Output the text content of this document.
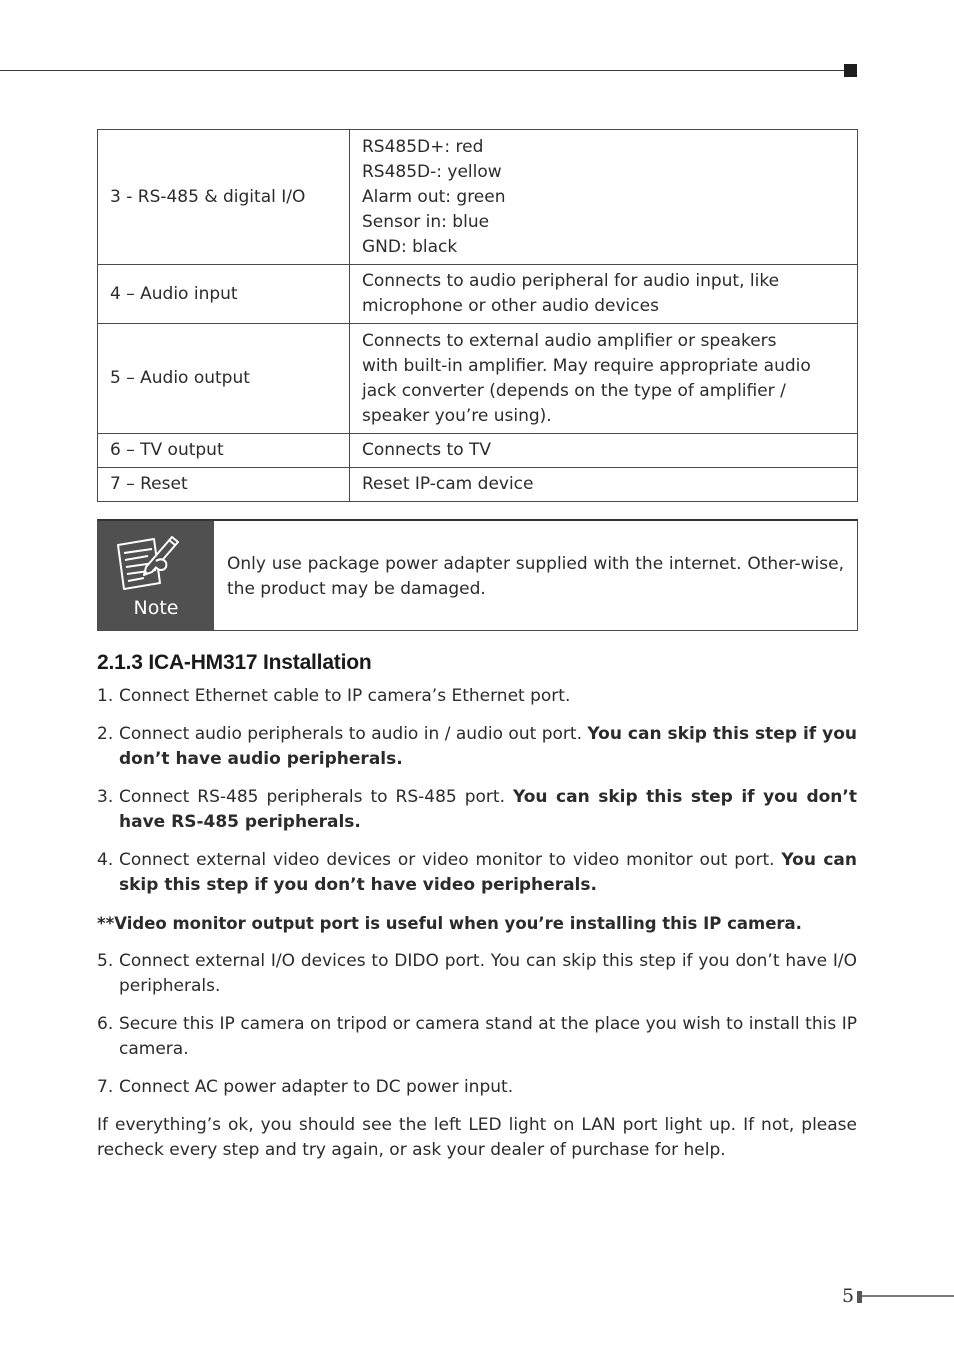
3 - RS-485 & digital I/O	RS485D+: red
RS485D-: yellow
Alarm out: green
Sensor in: blue
GND: black

4 – Audio input	Connects to audio peripheral for audio input, like
microphone or other audio devices

5 – Audio output	Connects to external audio amplifier or speakers
with built-in amplifier. May require appropriate audio
jack converter (depends on the type of amplifier /
speaker you’re using).

6 – TV output	Connects to TV

7 – Reset	Reset IP-cam device
Note
Only use package power adapter supplied with the internet. Other-wise, the product may be damaged.
2.1.3 ICA-HM317 Installation
1. Connect Ethernet cable to IP camera’s Ethernet port.
2. Connect audio peripherals to audio in / audio out port. You can skip this step if you don’t have audio peripherals.
3. Connect RS-485 peripherals to RS-485 port. You can skip this step if you don’t have RS-485 peripherals.
4. Connect external video devices or video monitor to video monitor out port. You can skip this step if you don’t have video peripherals.
**Video monitor output port is useful when you’re installing this IP camera.
5. Connect external I/O devices to DIDO port. You can skip this step if you don’t have I/O peripherals.
6. Secure this IP camera on tripod or camera stand at the place you wish to install this IP camera.
7. Connect AC power adapter to DC power input.
If everything’s ok, you should see the left LED light on LAN port light up. If not, please recheck every step and try again, or ask your dealer of purchase for help.
5
